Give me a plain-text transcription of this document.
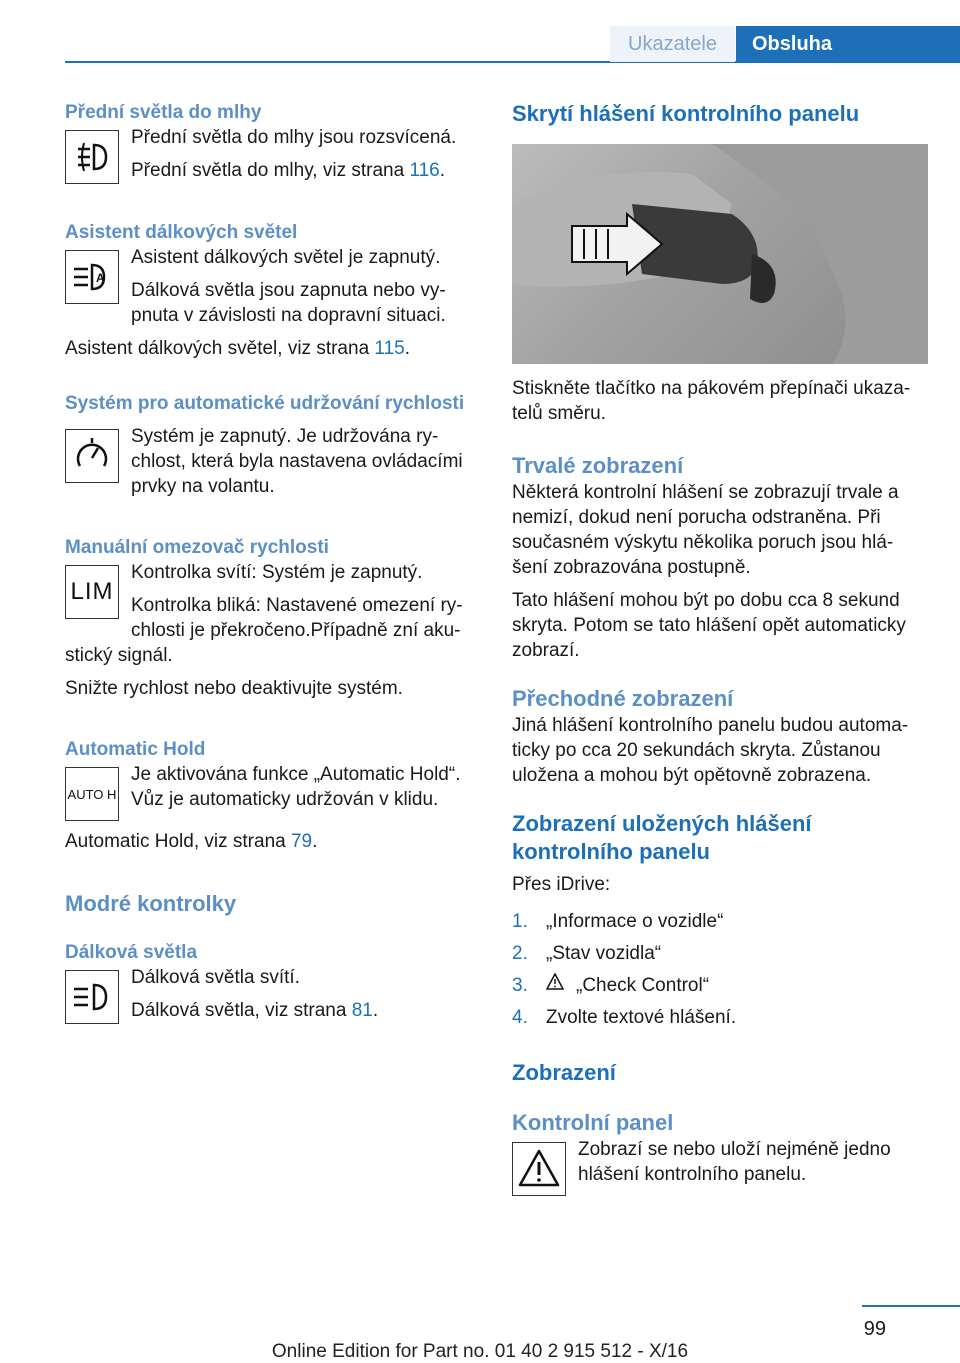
Ukazatele	Obsluha
Přední světla do mlhy

Přední světla do mlhy jsou rozsvícená.

Přední světla do mlhy, viz strana 116.

Asistent dálkových světel
A

Asistent dálkových světel je zapnutý.

Dálková světla jsou zapnuta nebo vy‐pnuta v závislosti na dopravní situaci.

Asistent dálkových světel, viz strana 115.

Systém pro automatické udržování rychlosti

Systém je zapnutý. Je udržována ry‐chlost, která byla nastavena ovládacími prvky na volantu.

Manuální omezovač rychlosti
LIM

Kontrolka svítí: Systém je zapnutý.

Kontrolka bliká: Nastavené omezení ry‐chlosti je překročeno.Případně zní aku‐

stický signál.

Snižte rychlost nebo deaktivujte systém.

Automatic Hold
AUTO H

Je aktivována funkce „Automatic Hold“. Vůz je automaticky udržován v klidu.

Automatic Hold, viz strana 79.

Modré kontrolky
Dálková světla

Dálková světla svítí.

Dálková světla, viz strana 81.

Skrytí hlášení kontrolního panelu

Stiskněte tlačítko na pákovém přepínači ukaza‐telů směru.

Trvalé zobrazení

Některá kontrolní hlášení se zobrazují trvale a nemizí, dokud není porucha odstraněna. Při současném výskytu několika poruch jsou hlá‐šení zobrazována postupně.

Tato hlášení mohou být po dobu cca 8 sekund skryta. Potom se tato hlášení opět automaticky zobrazí.

Přechodné zobrazení

Jiná hlášení kontrolního panelu budou automa‐ticky po cca 20 sekundách skryta. Zůstanou uložena a mohou být opětovně zobrazena.

Zobrazení uložených hlášení kontrolního panelu

Přes iDrive:

1. „Informace o vozidle“
2. „Stav vozidla“
3.	„Check Control“
4. Zvolte textové hlášení.
Zobrazení
Kontrolní panel

Zobrazí se nebo uloží nejméně jedno hlášení kontrolního panelu.

99
Online Edition for Part no. 01 40 2 915 512 - X/16
